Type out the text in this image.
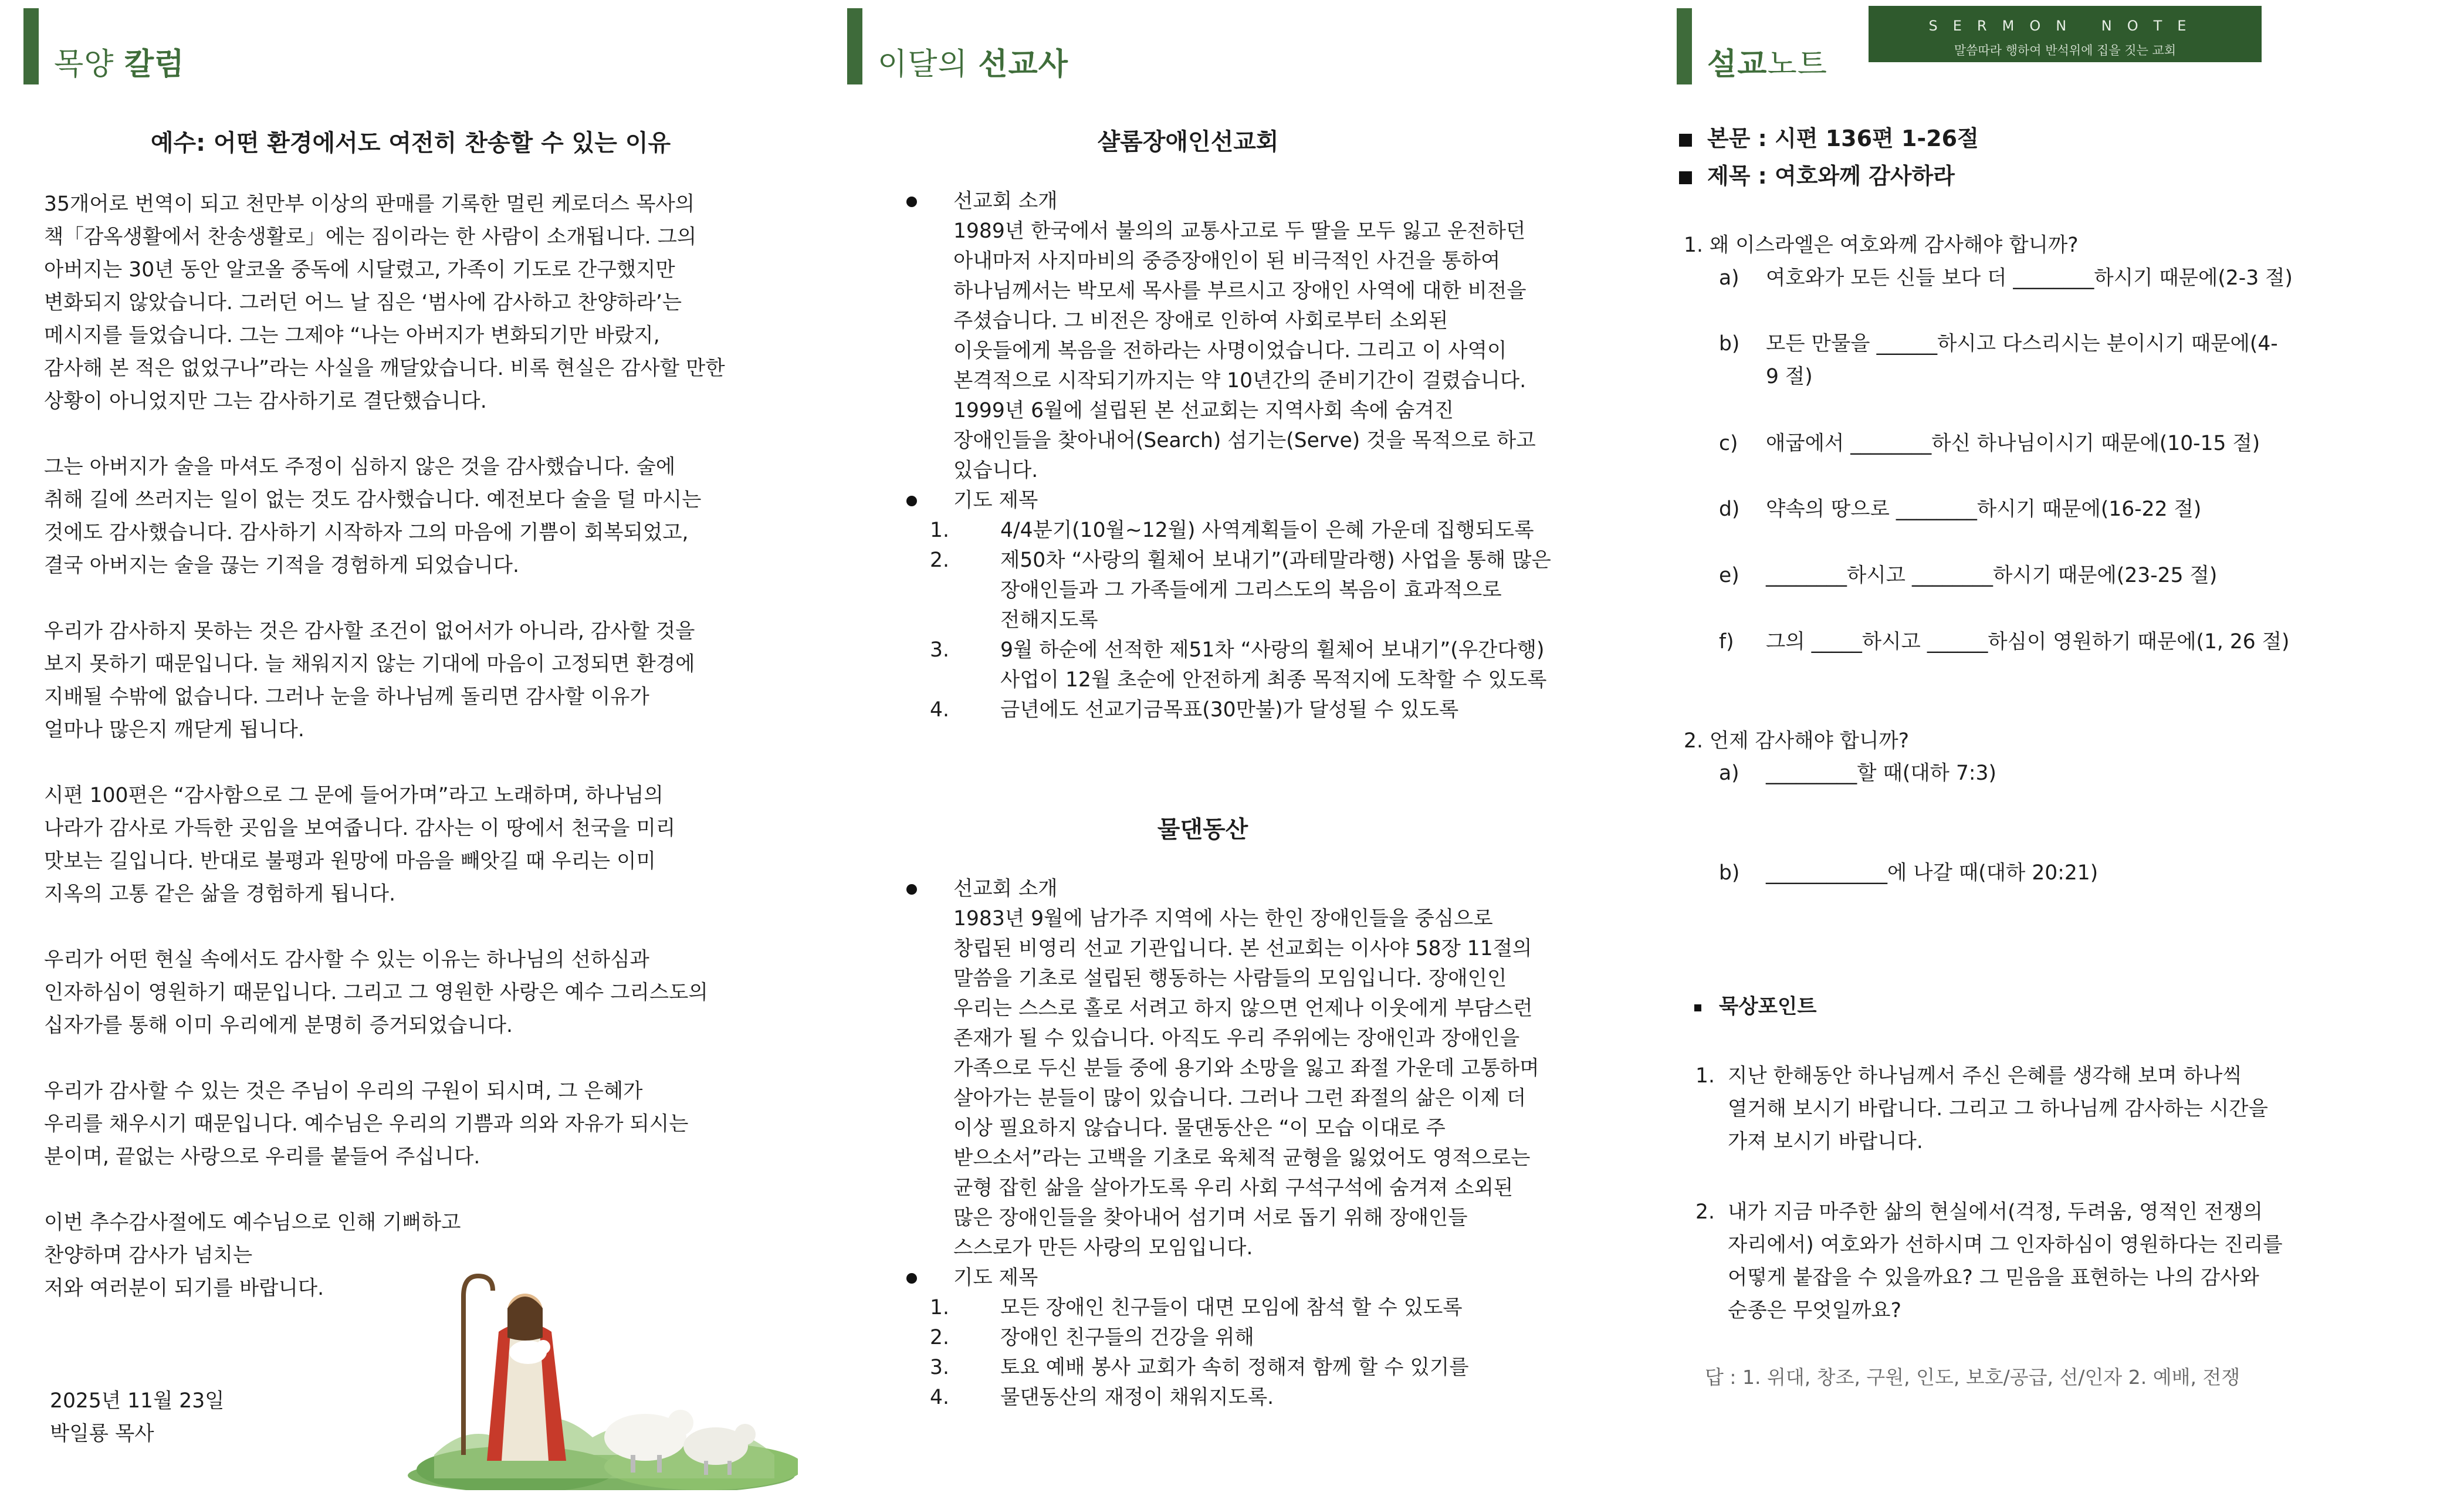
목양 칼럼
예수: 어떤 환경에서도 여전히 찬송할 수 있는 이유

35개어로 번역이 되고 천만부 이상의 판매를 기록한 멀린 케로더스 목사의

책「감옥생활에서 찬송생활로」에는 짐이라는 한 사람이 소개됩니다. 그의

아버지는 30년 동안 알코올 중독에 시달렸고, 가족이 기도로 간구했지만

변화되지 않았습니다. 그러던 어느 날 짐은 ‘범사에 감사하고 찬양하라’는

메시지를 들었습니다. 그는 그제야 “나는 아버지가 변화되기만 바랐지,

감사해 본 적은 없었구나”라는 사실을 깨달았습니다. 비록 현실은 감사할 만한

상황이 아니었지만 그는 감사하기로 결단했습니다.

그는 아버지가 술을 마셔도 주정이 심하지 않은 것을 감사했습니다. 술에

취해 길에 쓰러지는 일이 없는 것도 감사했습니다. 예전보다 술을 덜 마시는

것에도 감사했습니다. 감사하기 시작하자 그의 마음에 기쁨이 회복되었고,

결국 아버지는 술을 끊는 기적을 경험하게 되었습니다.

우리가 감사하지 못하는 것은 감사할 조건이 없어서가 아니라, 감사할 것을

보지 못하기 때문입니다. 늘 채워지지 않는 기대에 마음이 고정되면 환경에

지배될 수밖에 없습니다. 그러나 눈을 하나님께 돌리면 감사할 이유가

얼마나 많은지 깨닫게 됩니다.

시편 100편은 “감사함으로 그 문에 들어가며”라고 노래하며, 하나님의

나라가 감사로 가득한 곳임을 보여줍니다. 감사는 이 땅에서 천국을 미리

맛보는 길입니다. 반대로 불평과 원망에 마음을 빼앗길 때 우리는 이미

지옥의 고통 같은 삶을 경험하게 됩니다.

우리가 어떤 현실 속에서도 감사할 수 있는 이유는 하나님의 선하심과

인자하심이 영원하기 때문입니다. 그리고 그 영원한 사랑은 예수 그리스도의

십자가를 통해 이미 우리에게 분명히 증거되었습니다.

우리가 감사할 수 있는 것은 주님이 우리의 구원이 되시며, 그 은혜가

우리를 채우시기 때문입니다. 예수님은 우리의 기쁨과 의와 자유가 되시는

분이며, 끝없는 사랑으로 우리를 붙들어 주십니다.

이번 추수감사절에도 예수님으로 인해 기뻐하고

찬양하며 감사가 넘치는

저와 여러분이 되기를 바랍니다.

2025년 11월 23일
박일룡 목사
이달의 선교사
샬롬장애인선교회
선교회 소개

1989년 한국에서 불의의 교통사고로 두 딸을 모두 잃고 운전하던

아내마저 사지마비의 중증장애인이 된 비극적인 사건을 통하여

하나님께서는 박모세 목사를 부르시고 장애인 사역에 대한 비전을

주셨습니다. 그 비전은 장애로 인하여 사회로부터 소외된

이웃들에게 복음을 전하라는 사명이었습니다. 그리고 이 사역이

본격적으로 시작되기까지는 약 10년간의 준비기간이 걸렸습니다.

1999년 6월에 설립된 본 선교회는 지역사회 속에 숨겨진

장애인들을 찾아내어(Search) 섬기는(Serve) 것을 목적으로 하고

있습니다.

기도 제목
1.	4/4분기(10월~12월) 사역계획들이 은혜 가운데 집행되도록
2.	제50차 “사랑의 휠체어 보내기”(과테말라행) 사업을 통해 많은
장애인들과 그 가족들에게 그리스도의 복음이 효과적으로
전해지도록
3.	9월 하순에 선적한 제51차 “사랑의 휠체어 보내기”(우간다행)
사업이 12월 초순에 안전하게 최종 목적지에 도착할 수 있도록
4.	금년에도 선교기금목표(30만불)가 달성될 수 있도록
물댄동산
선교회 소개

1983년 9월에 남가주 지역에 사는 한인 장애인들을 중심으로

창립된 비영리 선교 기관입니다. 본 선교회는 이사야 58장 11절의

말씀을 기초로 설립된 행동하는 사람들의 모임입니다. 장애인인

우리는 스스로 홀로 서려고 하지 않으면 언제나 이웃에게 부담스런

존재가 될 수 있습니다. 아직도 우리 주위에는 장애인과 장애인을

가족으로 두신 분들 중에 용기와 소망을 잃고 좌절 가운데 고통하며

살아가는 분들이 많이 있습니다. 그러나 그런 좌절의 삶은 이제 더

이상 필요하지 않습니다. 물댄동산은 “이 모습 이대로 주

받으소서”라는 고백을 기초로 육체적 균형을 잃었어도 영적으로는

균형 잡힌 삶을 살아가도록 우리 사회 구석구석에 숨겨져 소외된

많은 장애인들을 찾아내어 섬기며 서로 돕기 위해 장애인들

스스로가 만든 사랑의 모임입니다.

기도 제목
1.	모든 장애인 친구들이 대면 모임에 참석 할 수 있도록
2.	장애인 친구들의 건강을 위해
3.	토요 예배 봉사 교회가 속히 정해져 함께 할 수 있기를
4.	물댄동산의 재정이 채워지도록.
설교노트
SERMON NOTE
말씀따라 행하여 반석위에 집을 짓는 교회
본문 : 시편 136편 1-26절
제목 : 여호와께 감사하라
1. 왜 이스라엘은 여호와께 감사해야 합니까?
a) 여호와가 모든 신들 보다 더 ________하시기 때문에(2-3 절)
b) 모든 만물을 ______하시고 다스리시는 분이시기 때문에(4-
9 절)
c) 애굽에서 ________하신 하나님이시기 때문에(10-15 절)
d) 약속의 땅으로 ________하시기 때문에(16-22 절)
e) ________하시고 ________하시기 때문에(23-25 절)
f) 그의 _____하시고 ______하심이 영원하기 때문에(1, 26 절)
2. 언제 감사해야 합니까?
a) _________할 때(대하 7:3)
b) ____________에 나갈 때(대하 20:21)
묵상포인트
1. 지난 한해동안 하나님께서 주신 은혜를 생각해 보며 하나씩
열거해 보시기 바랍니다. 그리고 그 하나님께 감사하는 시간을
가져 보시기 바랍니다.
2. 내가 지금 마주한 삶의 현실에서(걱정, 두려움, 영적인 전쟁의
자리에서) 여호와가 선하시며 그 인자하심이 영원하다는 진리를
어떻게 붙잡을 수 있을까요? 그 믿음을 표현하는 나의 감사와
순종은 무엇일까요?
답 : 1. 위대, 창조, 구원, 인도, 보호/공급, 선/인자 2. 예배, 전쟁
